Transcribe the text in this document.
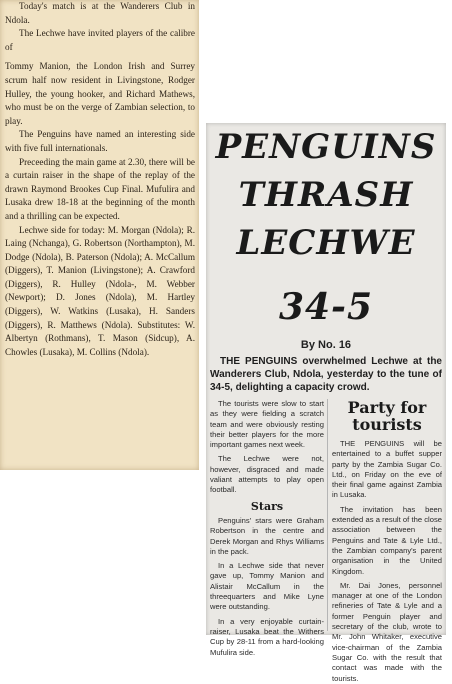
Today's match is at the Wanderers Club in Ndola.

The Lechwe have invited players of the calibre of

Tommy Manion, the London Irish and Surrey scrum half now resident in Livingstone, Rodger Hulley, the young hooker, and Richard Mathews, who must be on the verge of Zambian selection, to play.

The Penguins have named an interesting side with five full internationals.

Preceeding the main game at 2.30, there will be a curtain raiser in the shape of the replay of the drawn Raymond Brookes Cup Final. Mufulira and Lusaka drew 18-18 at the beginning of the month and a thrilling can be expected.

Lechwe side for today: M. Morgan (Ndola); R. Laing (Nchanga), G. Robertson (Northampton), M. Dodge (Ndola), B. Paterson (Ndola); A. McCallum (Diggers), T. Manion (Livingstone); A. Crawford (Diggers), R. Hulley (Ndola-, M. Webber (Newport); D. Jones (Ndola), M. Hartley (Diggers), W. Watkins (Lusaka), H. Sanders (Diggers), R. Matthews (Ndola). Substitutes: W. Albertyn (Rothmans), T. Mason (Sidcup), A. Chowles (Lusaka), M. Collins (Ndola).

PENGUINS
THRASH
LECHWE
34-5
By No. 16

THE PENGUINS overwhelmed Lechwe at the Wanderers Club, Ndola, yesterday to the tune of 34-5, delighting a capacity crowd.

The tourists were slow to start as they were fielding a scratch team and were obviously resting their better players for the more important games next week.

The Lechwe were not, however, disgraced and made valiant attempts to play open football.

Stars

Penguins' stars were Graham Robertson in the centre and Derek Morgan and Rhys Williams in the pack.

In a Lechwe side that never gave up, Tommy Manion and Alistair McCallum in the threequarters and Mike Lyne were outstanding.

In a very enjoyable curtain-raiser, Lusaka beat the Withers Cup by 28-11 from a hard-looking Mufulira side.

Party for tourists

THE PENGUINS will be entertained to a buffet supper party by the Zambia Sugar Co. Ltd., on Friday on the eve of their final game against Zambia in Lusaka.

The invitation has been extended as a result of the close association between the Penguins and Tate & Lyle Ltd., the Zambian company's parent organisation in the United Kingdom.

Mr. Dai Jones, personnel manager at one of the London refineries of Tate & Lyle and a former Penguin player and secretary of the club, wrote to Mr. John Whitaker, executive vice-chairman of the Zambia Sugar Co. with the result that contact was made with the tourists.
